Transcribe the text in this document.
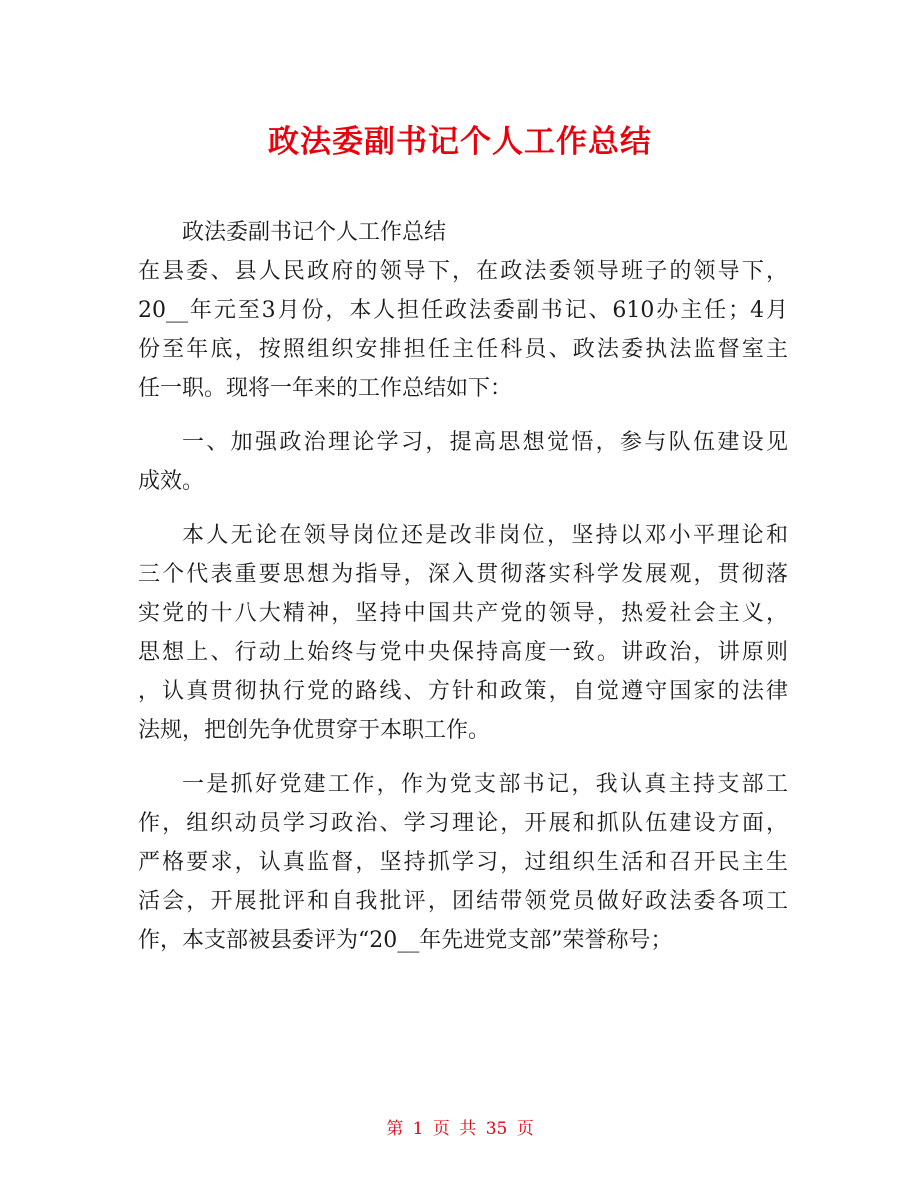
政法委副书记个人工作总结
政法委副书记个人工作总结
在县委、县人民政府的领导下，在政法委领导班子的领导下，
20__年元至3月份，本人担任政法委副书记、610办主任；4月
份至年底，按照组织安排担任主任科员、政法委执法监督室主
任一职。现将一年来的工作总结如下：
一、加强政治理论学习，提高思想觉悟，参与队伍建设见
成效。
本人无论在领导岗位还是改非岗位，坚持以邓小平理论和
三个代表重要思想为指导，深入贯彻落实科学发展观，贯彻落
实党的十八大精神，坚持中国共产党的领导，热爱社会主义，
思想上、行动上始终与党中央保持高度一致。讲政治，讲原则
，认真贯彻执行党的路线、方针和政策，自觉遵守国家的法律
法规，把创先争优贯穿于本职工作。
一是抓好党建工作，作为党支部书记，我认真主持支部工
作，组织动员学习政治、学习理论，开展和抓队伍建设方面，
严格要求，认真监督，坚持抓学习，过组织生活和召开民主生
活会，开展批评和自我批评，团结带领党员做好政法委各项工
作，本支部被县委评为“20__年先进党支部”荣誉称号；
第 1 页 共 35 页
